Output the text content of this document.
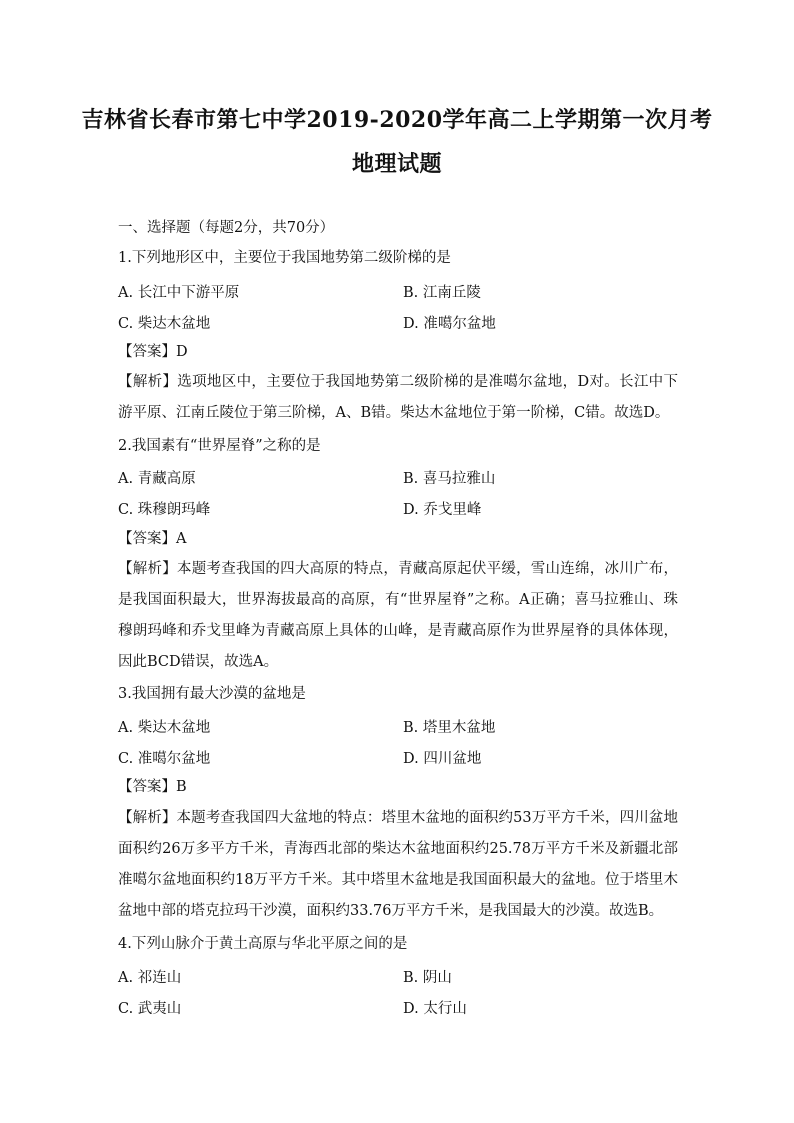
吉林省长春市第七中学2019-2020学年高二上学期第一次月考
地理试题
一、选择题（每题2分，共70分）
1.下列地形区中，主要位于我国地势第二级阶梯的是
A. 长江中下游平原	B. 江南丘陵
C. 柴达木盆地	D. 准噶尔盆地
【答案】D
【解析】选项地区中，主要位于我国地势第二级阶梯的是准噶尔盆地，D对。长江中下游平原、江南丘陵位于第三阶梯，A、B错。柴达木盆地位于第一阶梯，C错。故选D。
2.我国素有“世界屋脊”之称的是
A. 青藏高原	B. 喜马拉雅山
C. 珠穆朗玛峰	D. 乔戈里峰
【答案】A
【解析】本题考查我国的四大高原的特点，青藏高原起伏平缓，雪山连绵，冰川广布，是我国面积最大，世界海拔最高的高原，有“世界屋脊”之称。A正确；喜马拉雅山、珠穆朗玛峰和乔戈里峰为青藏高原上具体的山峰，是青藏高原作为世界屋脊的具体体现，因此BCD错误，故选A。
3.我国拥有最大沙漠的盆地是
A. 柴达木盆地	B. 塔里木盆地
C. 准噶尔盆地	D. 四川盆地
【答案】B
【解析】本题考查我国四大盆地的特点：塔里木盆地的面积约53万平方千米，四川盆地面积约26万多平方千米，青海西北部的柴达木盆地面积约25.78万平方千米及新疆北部准噶尔盆地面积约18万平方千米。其中塔里木盆地是我国面积最大的盆地。位于塔里木盆地中部的塔克拉玛干沙漠，面积约33.76万平方千米，是我国最大的沙漠。故选B。
4.下列山脉介于黄土高原与华北平原之间的是
A. 祁连山	B. 阴山
C. 武夷山	D. 太行山
